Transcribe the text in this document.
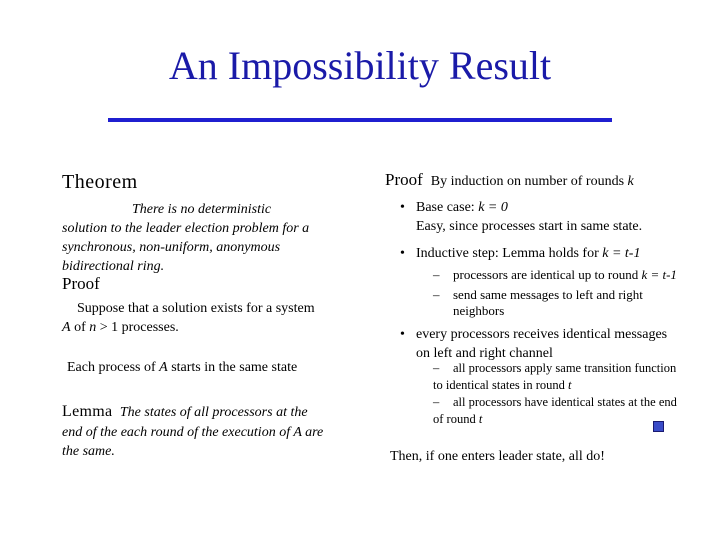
An Impossibility Result
Theorem
There is no deterministic
solution to the leader election problem for a
synchronous, non-uniform, anonymous
bidirectional ring.
Proof
Suppose that a solution exists for a system
A of n > 1 processes.
Each process of A starts in the same state
Lemma The states of all processors at the
end of the each round of the execution of A are
the same.
Proof By induction on number of rounds k
• Base case: k = 0
Easy, since processes start in same state.
• Inductive step: Lemma holds for k = t-1
–	processors are identical up to round k = t-1
–	send same messages to left and right
neighbors
• every processors receives identical messages
on left and right channel
–	all processors apply same transition function
to identical states in round t
–	all processors have identical states at the end
of round t
Then, if one enters leader state, all do!
